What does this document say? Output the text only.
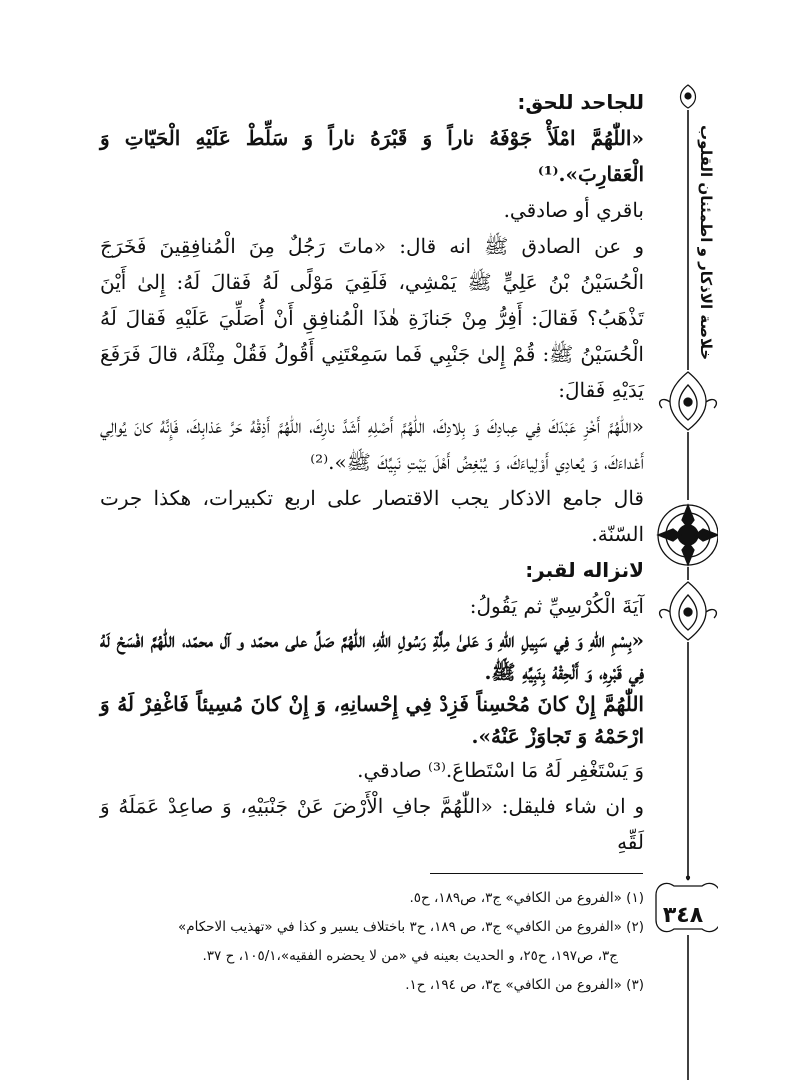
خلاصة الاذكار و اطمئنان القلوب
٣٤٨

للجاحد للحق:

«اللّٰهُمَّ امْلَأْ جَوْفَهُ ناراً وَ قَبْرَهُ ناراً وَ سَلِّطْ عَلَيْهِ الْحَيّاتِ وَ الْعَقارِبَ».⁽¹⁾

باقري أو صادقي.

و عن الصادق ﷺ انه قال: «ماتَ رَجُلٌ مِنَ الْمُنافِقِينَ فَخَرَجَ الْحُسَيْنُ بْنُ عَلِيٍّ ﷺ يَمْشِي، فَلَقِيَ مَوْلًى لَهُ فَقالَ لَهُ: إِلىٰ أَيْنَ تَذْهَبُ؟ فَقالَ: أَفِرُّ مِنْ جَنازَةِ هٰذَا الْمُنافِقِ أَنْ أُصَلِّيَ عَلَيْهِ فَقالَ لَهُ الْحُسَيْنُ ﷺ: قُمْ إِلىٰ جَنْبِي فَما سَمِعْتَنِي أَقُولُ فَقُلْ مِثْلَهُ، قالَ فَرَفَعَ يَدَيْهِ فَقالَ:

«اللّٰهُمَّ أَخْزِ عَبْدَكَ فِي عِبادِكَ وَ بِلادِكَ، اللّٰهُمَّ أَصْلِهِ أَشَدَّ نارِكَ، اللّٰهُمَّ أَذِقْهُ حَرَّ عَذابِكَ، فَإِنَّهُ كانَ يُوالِي أَعْداءَكَ، وَ يُعادِي أَوْلِياءَكَ، وَ يُبْغِضُ أَهْلَ بَيْتِ نَبِيِّكَ ﷺ».⁽²⁾

قال جامع الاذكار يجب الاقتصار على اربع تكبيرات، هكذا جرت السّنّة.

لانزاله لقبر:

آيَةَ الْكُرْسِيِّ ثم يَقُولُ:

«بِسْمِ اللّٰهِ وَ فِي سَبِيلِ اللّٰهِ وَ عَلىٰ مِلَّةِ رَسُولِ اللّٰهِ، اللّٰهُمَّ صَلِّ على محمّد و آل محمّد، اللّٰهُمَّ افْسَحْ لَهُ فِي قَبْرِهِ، وَ أَلْحِقْهُ بِنَبِيِّهِ ﷺ.

اللّٰهُمَّ إِنْ كانَ مُحْسِناً فَزِدْ فِي إِحْسانِهِ، وَ إِنْ كانَ مُسِيئاً فَاغْفِرْ لَهُ وَ ارْحَمْهُ وَ تَجاوَزْ عَنْهُ».

وَ يَسْتَغْفِر لَهُ مَا اسْتَطاعَ.⁽³⁾ صادقي.

و ان شاء فليقل: «اللّٰهُمَّ جافِ الْأَرْضَ عَنْ جَنْبَيْهِ، وَ صاعِدْ عَمَلَهُ وَ لَقِّهِ

(١) «الفروع من الكافي» ج٣، ص١٨٩، ح٥.

(٢) «الفروع من الكافي» ج٣، ص ١٨٩، ح٣ باختلاف يسير و كذا في «تهذيب الاحكام»

ج٣، ص١٩٧، ح٢٥، و الحديث بعينه في «من لا يحضره الفقيه»،١٠٥/١، ح ٣٧.

(٣) «الفروع من الكافي» ج٣، ص ١٩٤، ح١.
